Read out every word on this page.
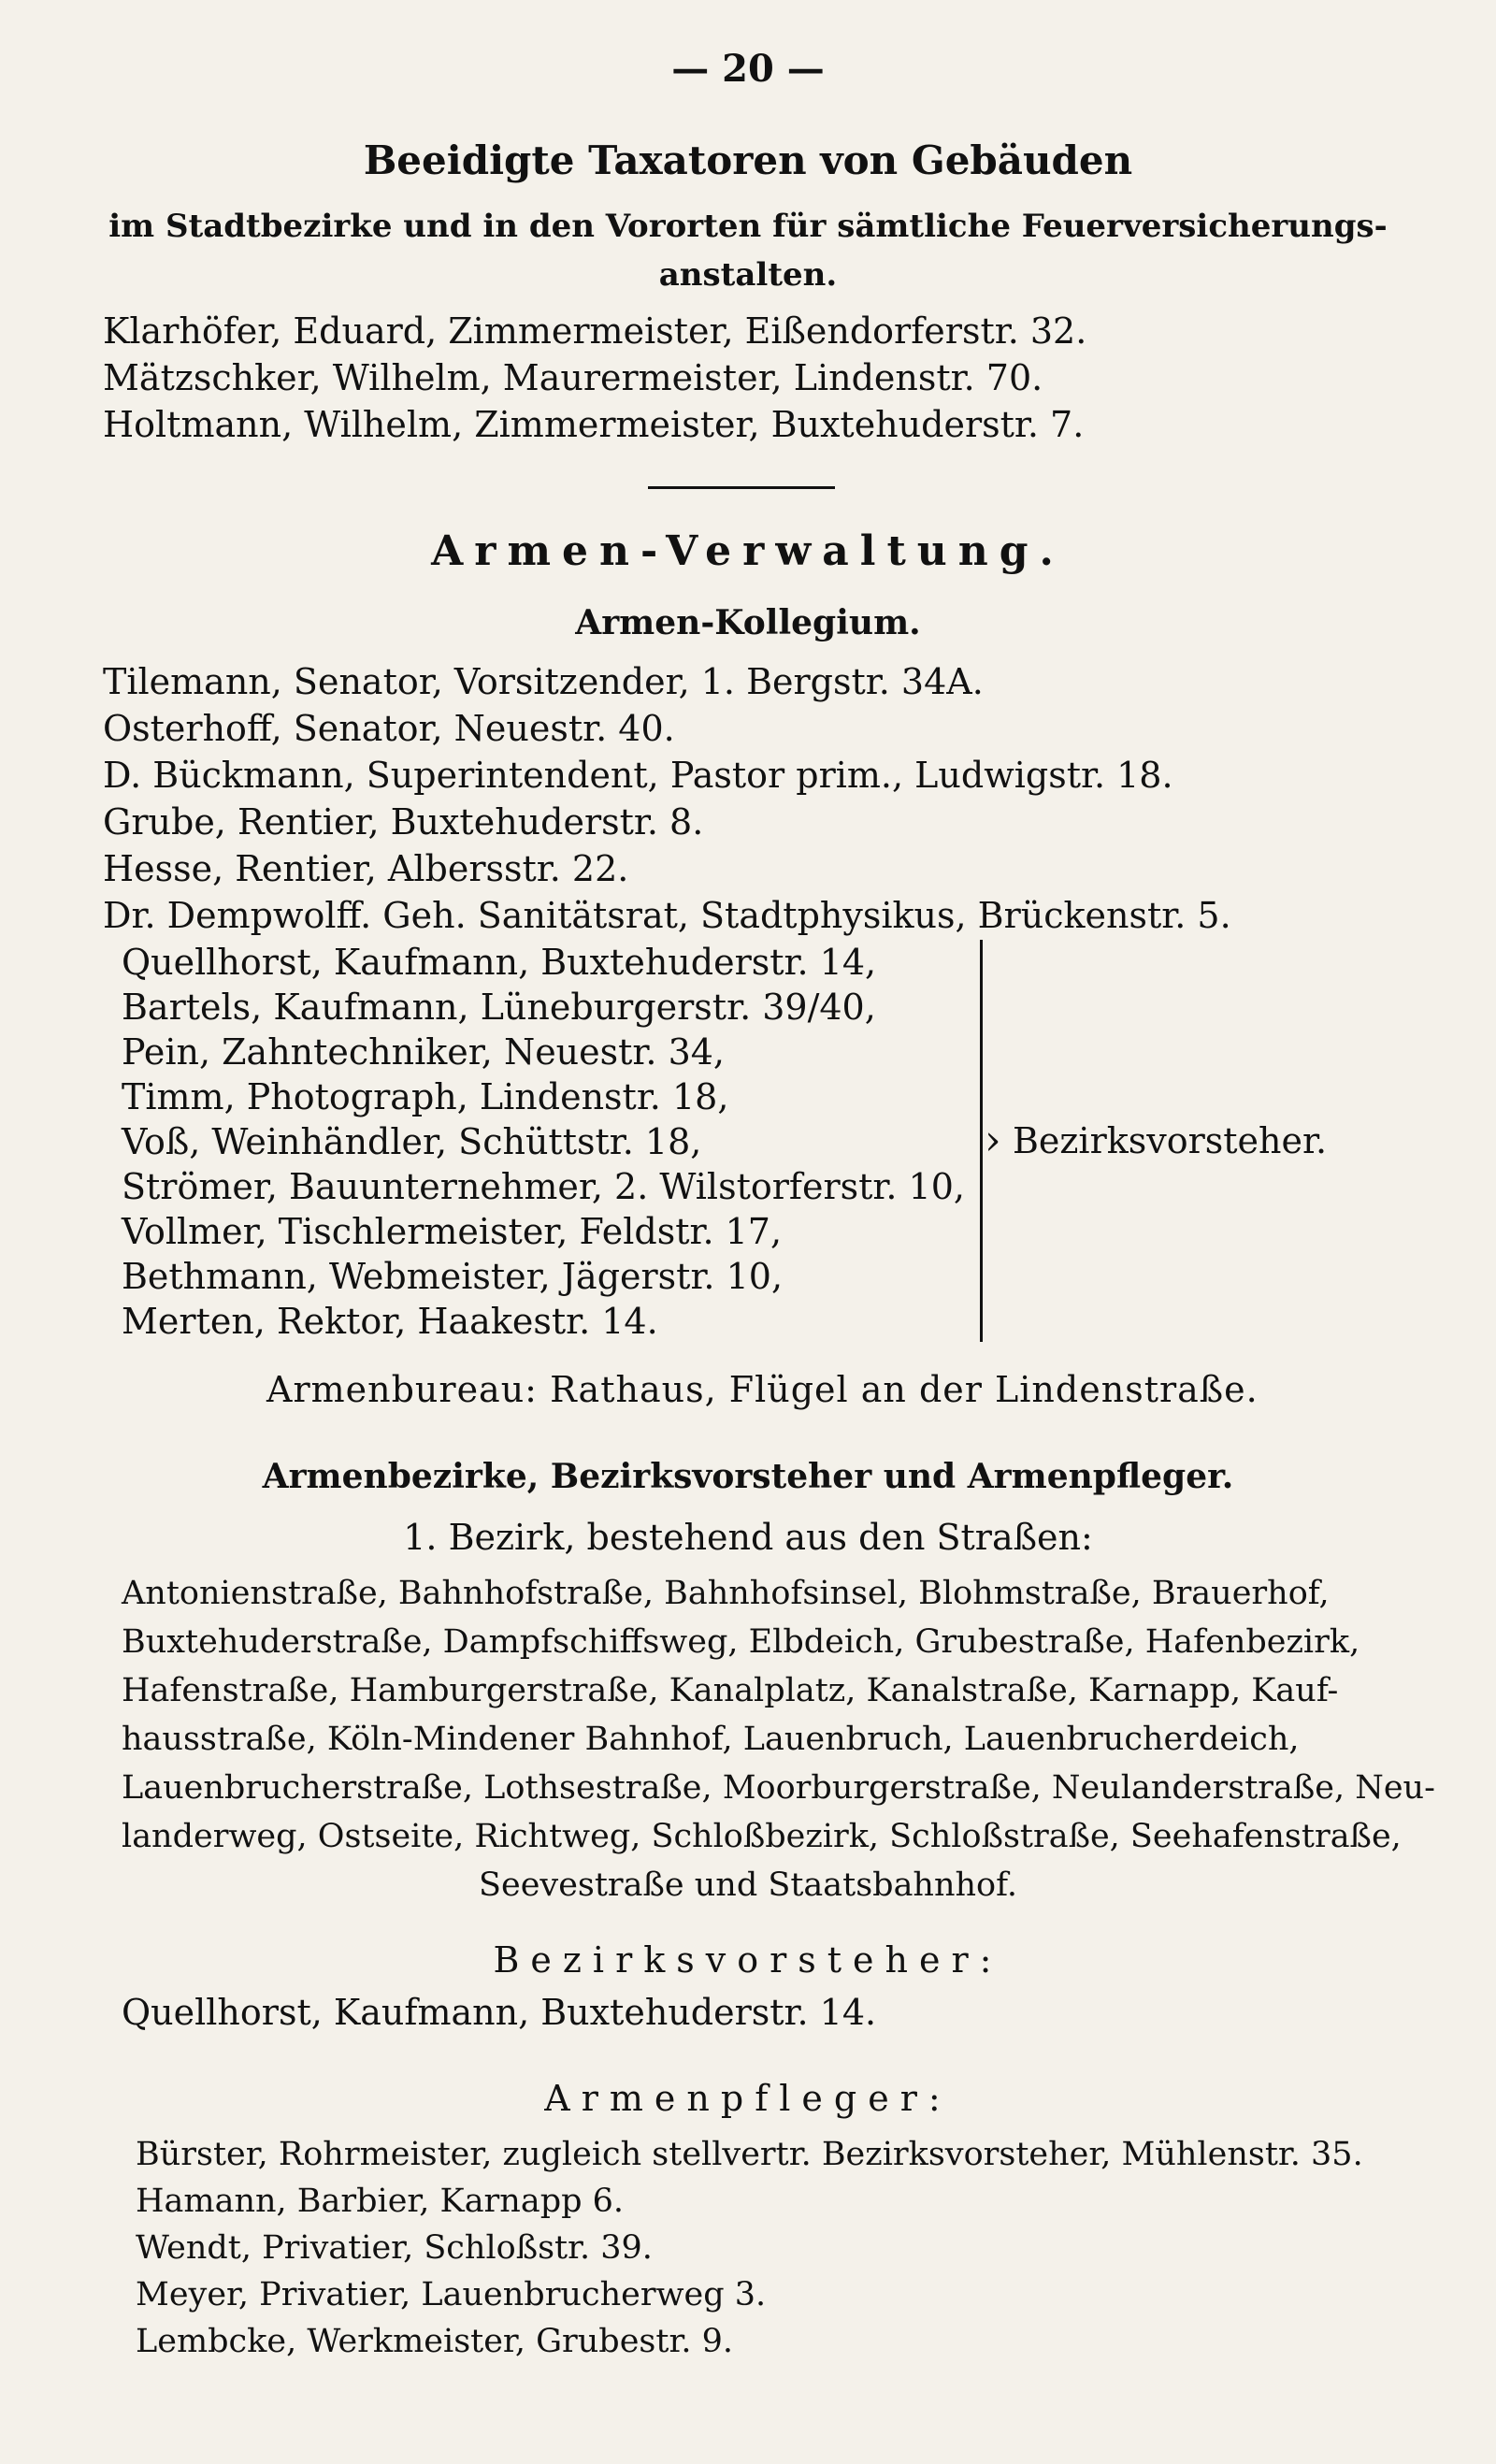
— 20 —

Beeidigte Taxatoren von Gebäuden

im Stadtbezirke und in den Vororten für sämtliche Feuerversicherungs-

anstalten.

Klarhöfer, Eduard, Zimmermeister, Eißendorferstr. 32.

Mätzschker, Wilhelm, Maurermeister, Lindenstr. 70.

Holtmann, Wilhelm, Zimmermeister, Buxtehuderstr. 7.

Armen-Verwaltung.

Armen-Kollegium.

Tilemann, Senator, Vorsitzender, 1. Bergstr. 34A.

Osterhoff, Senator, Neuestr. 40.

D. Bückmann, Superintendent, Pastor prim., Ludwigstr. 18.

Grube, Rentier, Buxtehuderstr. 8.

Hesse, Rentier, Albersstr. 22.

Dr. Dempwolff. Geh. Sanitätsrat, Stadtphysikus, Brückenstr. 5.

Quellhorst, Kaufmann, Buxtehuderstr. 14,

Bartels, Kaufmann, Lüneburgerstr. 39/40,

Pein, Zahntechniker, Neuestr. 34,

Timm, Photograph, Lindenstr. 18,

Voß, Weinhändler, Schüttstr. 18,

Strömer, Bauunternehmer, 2. Wilstorferstr. 10,

Vollmer, Tischlermeister, Feldstr. 17,

Bethmann, Webmeister, Jägerstr. 10,

Merten, Rektor, Haakestr. 14.

› Bezirksvorsteher.

Armenbureau: Rathaus, Flügel an der Lindenstraße.

Armenbezirke, Bezirksvorsteher und Armenpfleger.

1. Bezirk, bestehend aus den Straßen:

Antonienstraße, Bahnhofstraße, Bahnhofsinsel, Blohmstraße, Brauerhof,

Buxtehuderstraße, Dampfschiffsweg, Elbdeich, Grubestraße, Hafenbezirk,

Hafenstraße, Hamburgerstraße, Kanalplatz, Kanalstraße, Karnapp, Kauf-

hausstraße, Köln-Mindener Bahnhof, Lauenbruch, Lauenbrucherdeich,

Lauenbrucherstraße, Lothsestraße, Moorburgerstraße, Neulanderstraße, Neu-

landerweg, Ostseite, Richtweg, Schloßbezirk, Schloßstraße, Seehafenstraße,

Seevestraße und Staatsbahnhof.

Bezirksvorsteher:

Quellhorst, Kaufmann, Buxtehuderstr. 14.

Armenpfleger:

Bürster, Rohrmeister, zugleich stellvertr. Bezirksvorsteher, Mühlenstr. 35.

Hamann, Barbier, Karnapp 6.

Wendt, Privatier, Schloßstr. 39.

Meyer, Privatier, Lauenbrucherweg 3.

Lembcke, Werkmeister, Grubestr. 9.
